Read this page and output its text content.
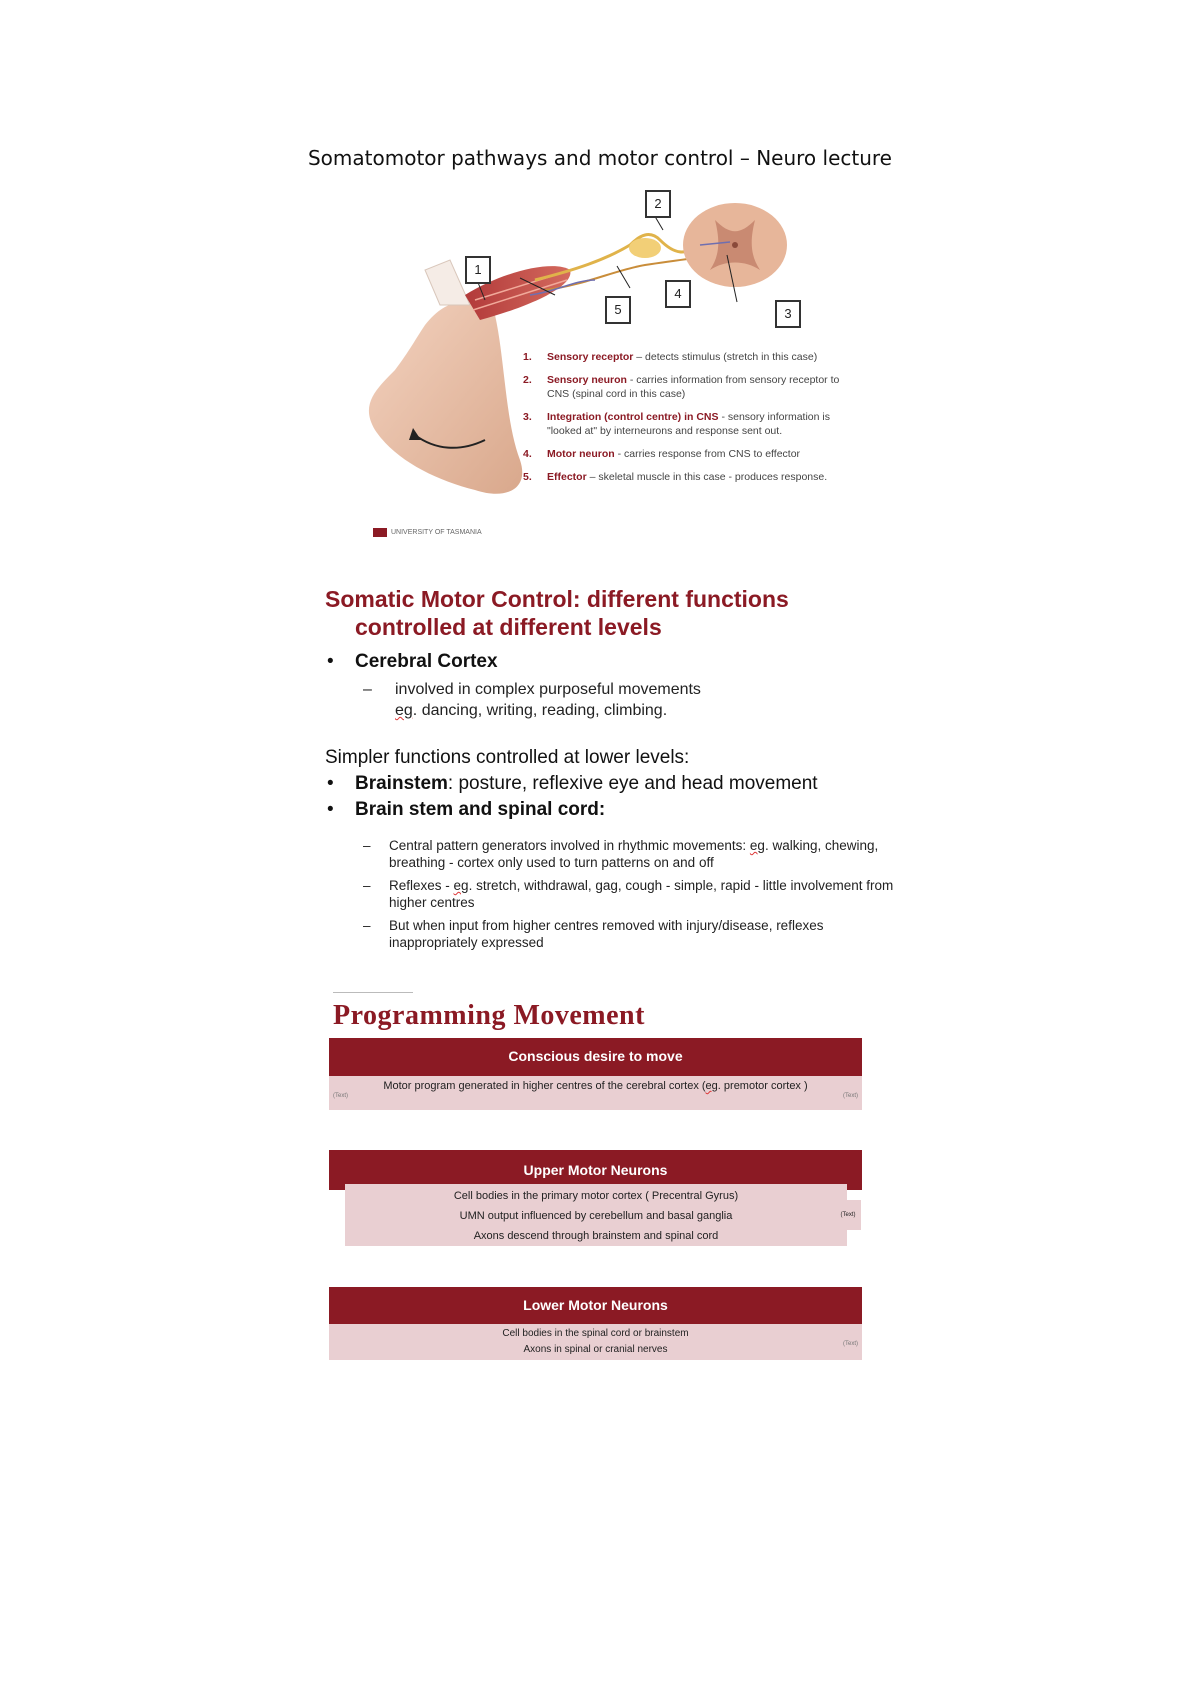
Somatomotor pathways and motor control – Neuro lecture
1
2
3
4
5
1. Sensory receptor – detects stimulus (stretch in this case)
2. Sensory neuron - carries information from sensory receptor to CNS (spinal cord in this case)
3. Integration (control centre) in CNS - sensory information is "looked at" by interneurons and response sent out.
4. Motor neuron - carries response from CNS to effector
5. Effector – skeletal muscle in this case - produces response.
UNIVERSITY OF TASMANIA
Somatic Motor Control: different functions
controlled at different levels
• Cerebral Cortex
– involved in complex purposeful movements
eg. dancing, writing, reading, climbing.
Simpler functions controlled at lower levels:
• Brainstem: posture, reflexive eye and head movement
• Brain stem and spinal cord:
– Central pattern generators involved in rhythmic movements: eg. walking, chewing, breathing - cortex only used to turn patterns on and off
– Reflexes - eg. stretch, withdrawal, gag, cough - simple, rapid - little involvement from higher centres
– But when input from higher centres removed with injury/disease, reflexes inappropriately expressed
Programming Movement
Conscious desire to move
(Text)
Motor program generated in higher centres of the cerebral cortex (eg. premotor cortex )
(Text)
Upper Motor Neurons
Cell bodies in the primary motor cortex ( Precentral Gyrus)
UMN output influenced by cerebellum and basal ganglia
Axons descend through brainstem and spinal cord
(Text)
Lower Motor Neurons
Cell bodies in the spinal cord or brainstem
Axons in spinal or cranial nerves	(Text)
